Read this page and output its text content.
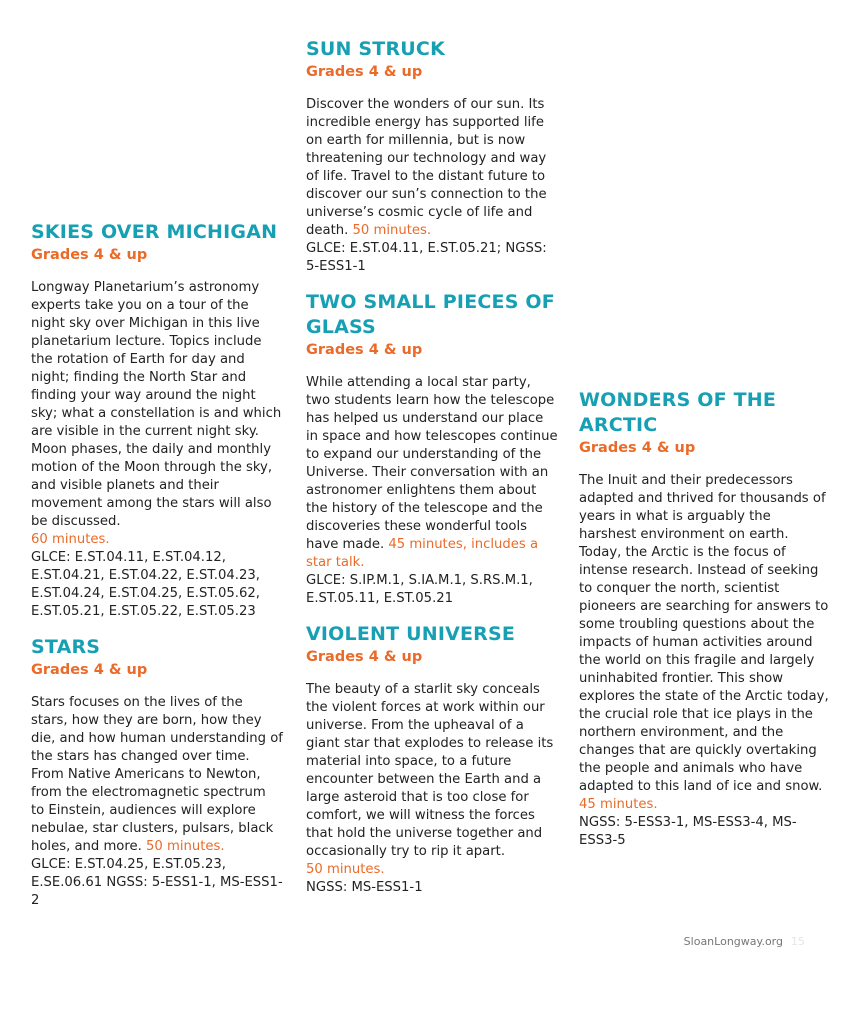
SKIES OVER MICHIGAN
Grades 4 & up

Longway Planetarium’s astronomy experts take you on a tour of the night sky over Michigan in this live planetarium lecture. Topics include the rotation of Earth for day and night; finding the North Star and finding your way around the night sky; what a constellation is and which are visible in the current night sky. Moon phases, the daily and monthly motion of the Moon through the sky, and visible planets and their movement among the stars will also be discussed.
60 minutes.

GLCE: E.ST.04.11, E.ST.04.12, E.ST.04.21, E.ST.04.22, E.ST.04.23, E.ST.04.24, E.ST.04.25, E.ST.05.62, E.ST.05.21, E.ST.05.22, E.ST.05.23

STARS
Grades 4 & up

Stars focuses on the lives of the stars, how they are born, how they die, and how human understanding of the stars has changed over time. From Native Americans to Newton, from the electromagnetic spectrum to Einstein, audiences will explore nebulae, star clusters, pulsars, black holes, and more. 50 minutes.

GLCE: E.ST.04.25, E.ST.05.23, E.SE.06.61 NGSS: 5-ESS1-1, MS-ESS1-2

SUN STRUCK
Grades 4 & up

Discover the wonders of our sun. Its incredible energy has supported life on earth for millennia, but is now threatening our technology and way of life. Travel to the distant future to discover our sun’s connection to the universe’s cosmic cycle of life and death. 50 minutes.

GLCE: E.ST.04.11, E.ST.05.21; NGSS: 5-ESS1-1

TWO SMALL PIECES OF GLASS
Grades 4 & up

While attending a local star party, two students learn how the telescope has helped us understand our place in space and how telescopes continue to expand our understanding of the Universe. Their conversation with an astronomer enlightens them about the history of the telescope and the discoveries these wonderful tools have made. 45 minutes, includes a star talk.

GLCE: S.IP.M.1, S.IA.M.1, S.RS.M.1, E.ST.05.11, E.ST.05.21

VIOLENT UNIVERSE
Grades 4 & up

The beauty of a starlit sky conceals the violent forces at work within our universe. From the upheaval of a giant star that explodes to release its material into space, to a future encounter between the Earth and a large asteroid that is too close for comfort, we will witness the forces that hold the universe together and occasionally try to rip it apart.
50 minutes.

NGSS: MS-ESS1-1

WONDERS OF THE ARCTIC
Grades 4 & up

The Inuit and their predecessors adapted and thrived for thousands of years in what is arguably the harshest environment on earth. Today, the Arctic is the focus of intense research. Instead of seeking to conquer the north, scientist pioneers are searching for answers to some troubling questions about the impacts of human activities around the world on this fragile and largely uninhabited frontier. This show explores the state of the Arctic today, the crucial role that ice plays in the northern environment, and the changes that are quickly overtaking the people and animals who have adapted to this land of ice and snow. 45 minutes.

NGSS: 5-ESS3-1, MS-ESS3-4, MS-ESS3-5

SloanLongway.org 15
